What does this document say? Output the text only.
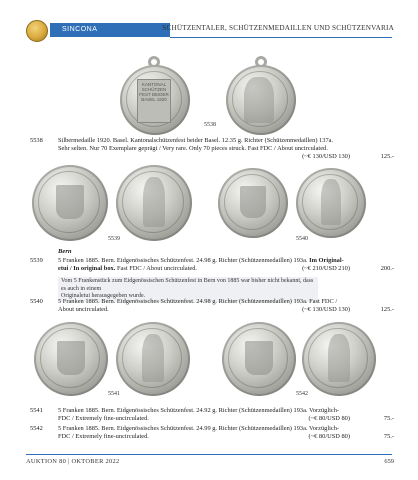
SINCONA	SCHÜTZENTALER, SCHÜTZENMEDAILLEN UND SCHÜTZENVARIA
KANTONAL SCHÜTZEN FEST BEIDER BASEL 1920
5538
5538 Silbermedaille 1920. Basel. Kantonalschützenfest beider Basel. 12.35 g. Richter (Schützenmedaillen) 137a.
Sehr selten. Nur 70 Exemplare geprägt / Very rare. Only 70 pieces struck. Fast FDC / About uncirculated.
(~€ 130/USD 130)	125.-
5539	5540
Bern
5539 5 Franken 1885. Bern. Eidgenössisches Schützenfest. 24.98 g. Richter (Schützenmedaillen) 193a. Im Original-
etui / In original box. Fast FDC / About uncirculated.	(~€ 210/USD 210)	200.-
Vom 5 Frankenstück zum Eidgenössischen Schützenfest in Bern von 1885 war bisher nicht bekannt, dass es auch in einem
Originaletui herausgegeben wurde.
5540 5 Franken 1885. Bern. Eidgenössisches Schützenfest. 24.98 g. Richter (Schützenmedaillen) 193a. Fast FDC /
About uncirculated.	(~€ 130/USD 130)	125.-
5541	5542
5541 5 Franken 1885. Bern. Eidgenössisches Schützenfest. 24.92 g. Richter (Schützenmedaillen) 193a. Vorzüglich-
FDC / Extremely fine-uncirculated.	(~€ 80/USD 80)	75.-
5542 5 Franken 1885. Bern. Eidgenössisches Schützenfest. 24.99 g. Richter (Schützenmedaillen) 193a. Vorzüglich-
FDC / Extremely fine-uncirculated.	(~€ 80/USD 80)	75.-
AUKTION 80 | OKTOBER 2022	659
